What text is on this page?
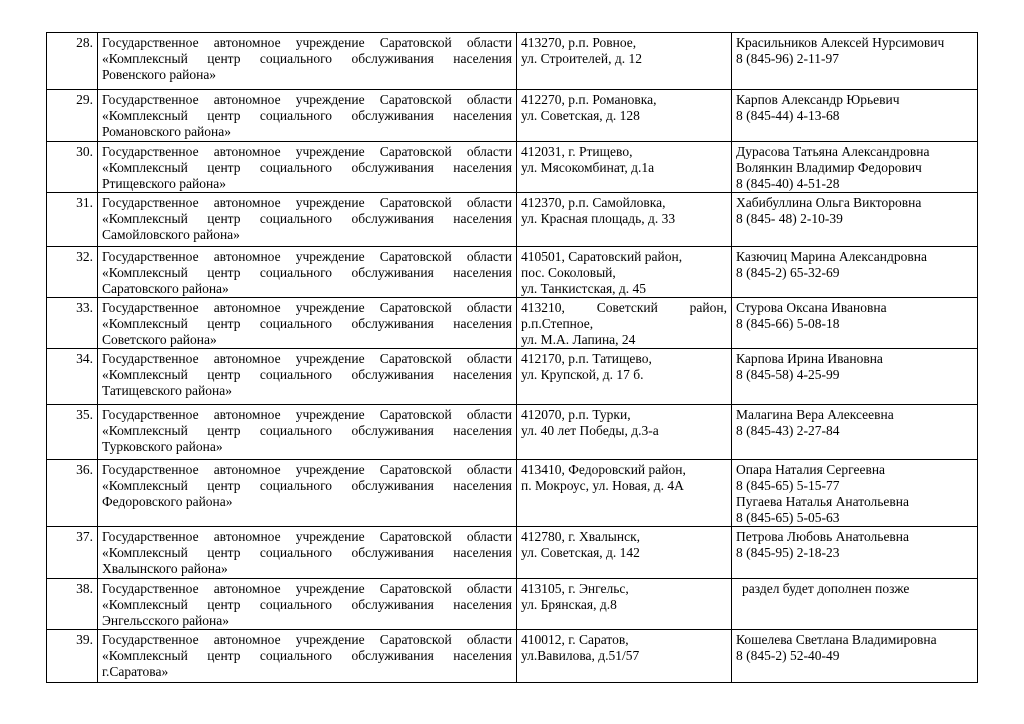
28.	Государственное автономное учреждение Саратовской области
«Комплексный центр социального обслуживания населения
Ровенского района»	413270, р.п. Ровное,
ул. Строителей, д. 12	Красильников Алексей Нурсимович
8 (845-96) 2-11-97

29.	Государственное автономное учреждение Саратовской области
«Комплексный центр социального обслуживания населения
Романовского района»	412270, р.п. Романовка,
ул. Советская, д. 128	Карпов Александр Юрьевич
8 (845-44) 4-13-68

30.	Государственное автономное учреждение Саратовской области
«Комплексный центр социального обслуживания населения
Ртищевского района»	412031, г. Ртищево,
ул. Мясокомбинат, д.1а	Дурасова Татьяна Александровна
Волянкин Владимир Федорович
8 (845-40) 4-51-28

31.	Государственное автономное учреждение Саратовской области
«Комплексный центр социального обслуживания населения
Самойловского района»	412370, р.п. Самойловка,
ул. Красная площадь, д. 33	Хабибуллина Ольга Викторовна
8 (845- 48) 2-10-39

32.	Государственное автономное учреждение Саратовской области
«Комплексный центр социального обслуживания населения
Саратовского района»	410501, Саратовский район,
пос. Соколовый,
ул. Танкистская, д. 45	Казючиц Марина Александровна
8 (845-2) 65-32-69

33.	Государственное автономное учреждение Саратовской области
«Комплексный центр социального обслуживания населения
Советского района»	413210, Советский район,
р.п.Степное,
ул. М.А. Лапина, 24	Стурова Оксана Ивановна
8 (845-66) 5-08-18

34.	Государственное автономное учреждение Саратовской области
«Комплексный центр социального обслуживания населения
Татищевского района»	412170, р.п. Татищево,
ул. Крупской, д. 17 б.	Карпова Ирина Ивановна
8 (845-58) 4-25-99

35.	Государственное автономное учреждение Саратовской области
«Комплексный центр социального обслуживания населения
Турковского района»	412070, р.п. Турки,
ул. 40 лет Победы, д.3-а	Малагина Вера Алексеевна
8 (845-43) 2-27-84

36.	Государственное автономное учреждение Саратовской области
«Комплексный центр социального обслуживания населения
Федоровского района»	413410, Федоровский район,
п. Мокроус, ул. Новая, д. 4А	Опара Наталия Сергеевна
8 (845-65) 5-15-77
Пугаева Наталья Анатольевна
8 (845-65) 5-05-63

37.	Государственное автономное учреждение Саратовской области
«Комплексный центр социального обслуживания населения
Хвалынского района»	412780, г. Хвалынск,
ул. Советская, д. 142	Петрова Любовь Анатольевна
8 (845-95) 2-18-23

38.	Государственное автономное учреждение Саратовской области
«Комплексный центр социального обслуживания населения
Энгельсского района»	413105, г. Энгельс,
ул. Брянская, д.8	раздел будет дополнен позже

39.	Государственное автономное учреждение Саратовской области
«Комплексный центр социального обслуживания населения
г.Саратова»	410012, г. Саратов,
ул.Вавилова, д.51/57	Кошелева Светлана Владимировна
8 (845-2) 52-40-49
